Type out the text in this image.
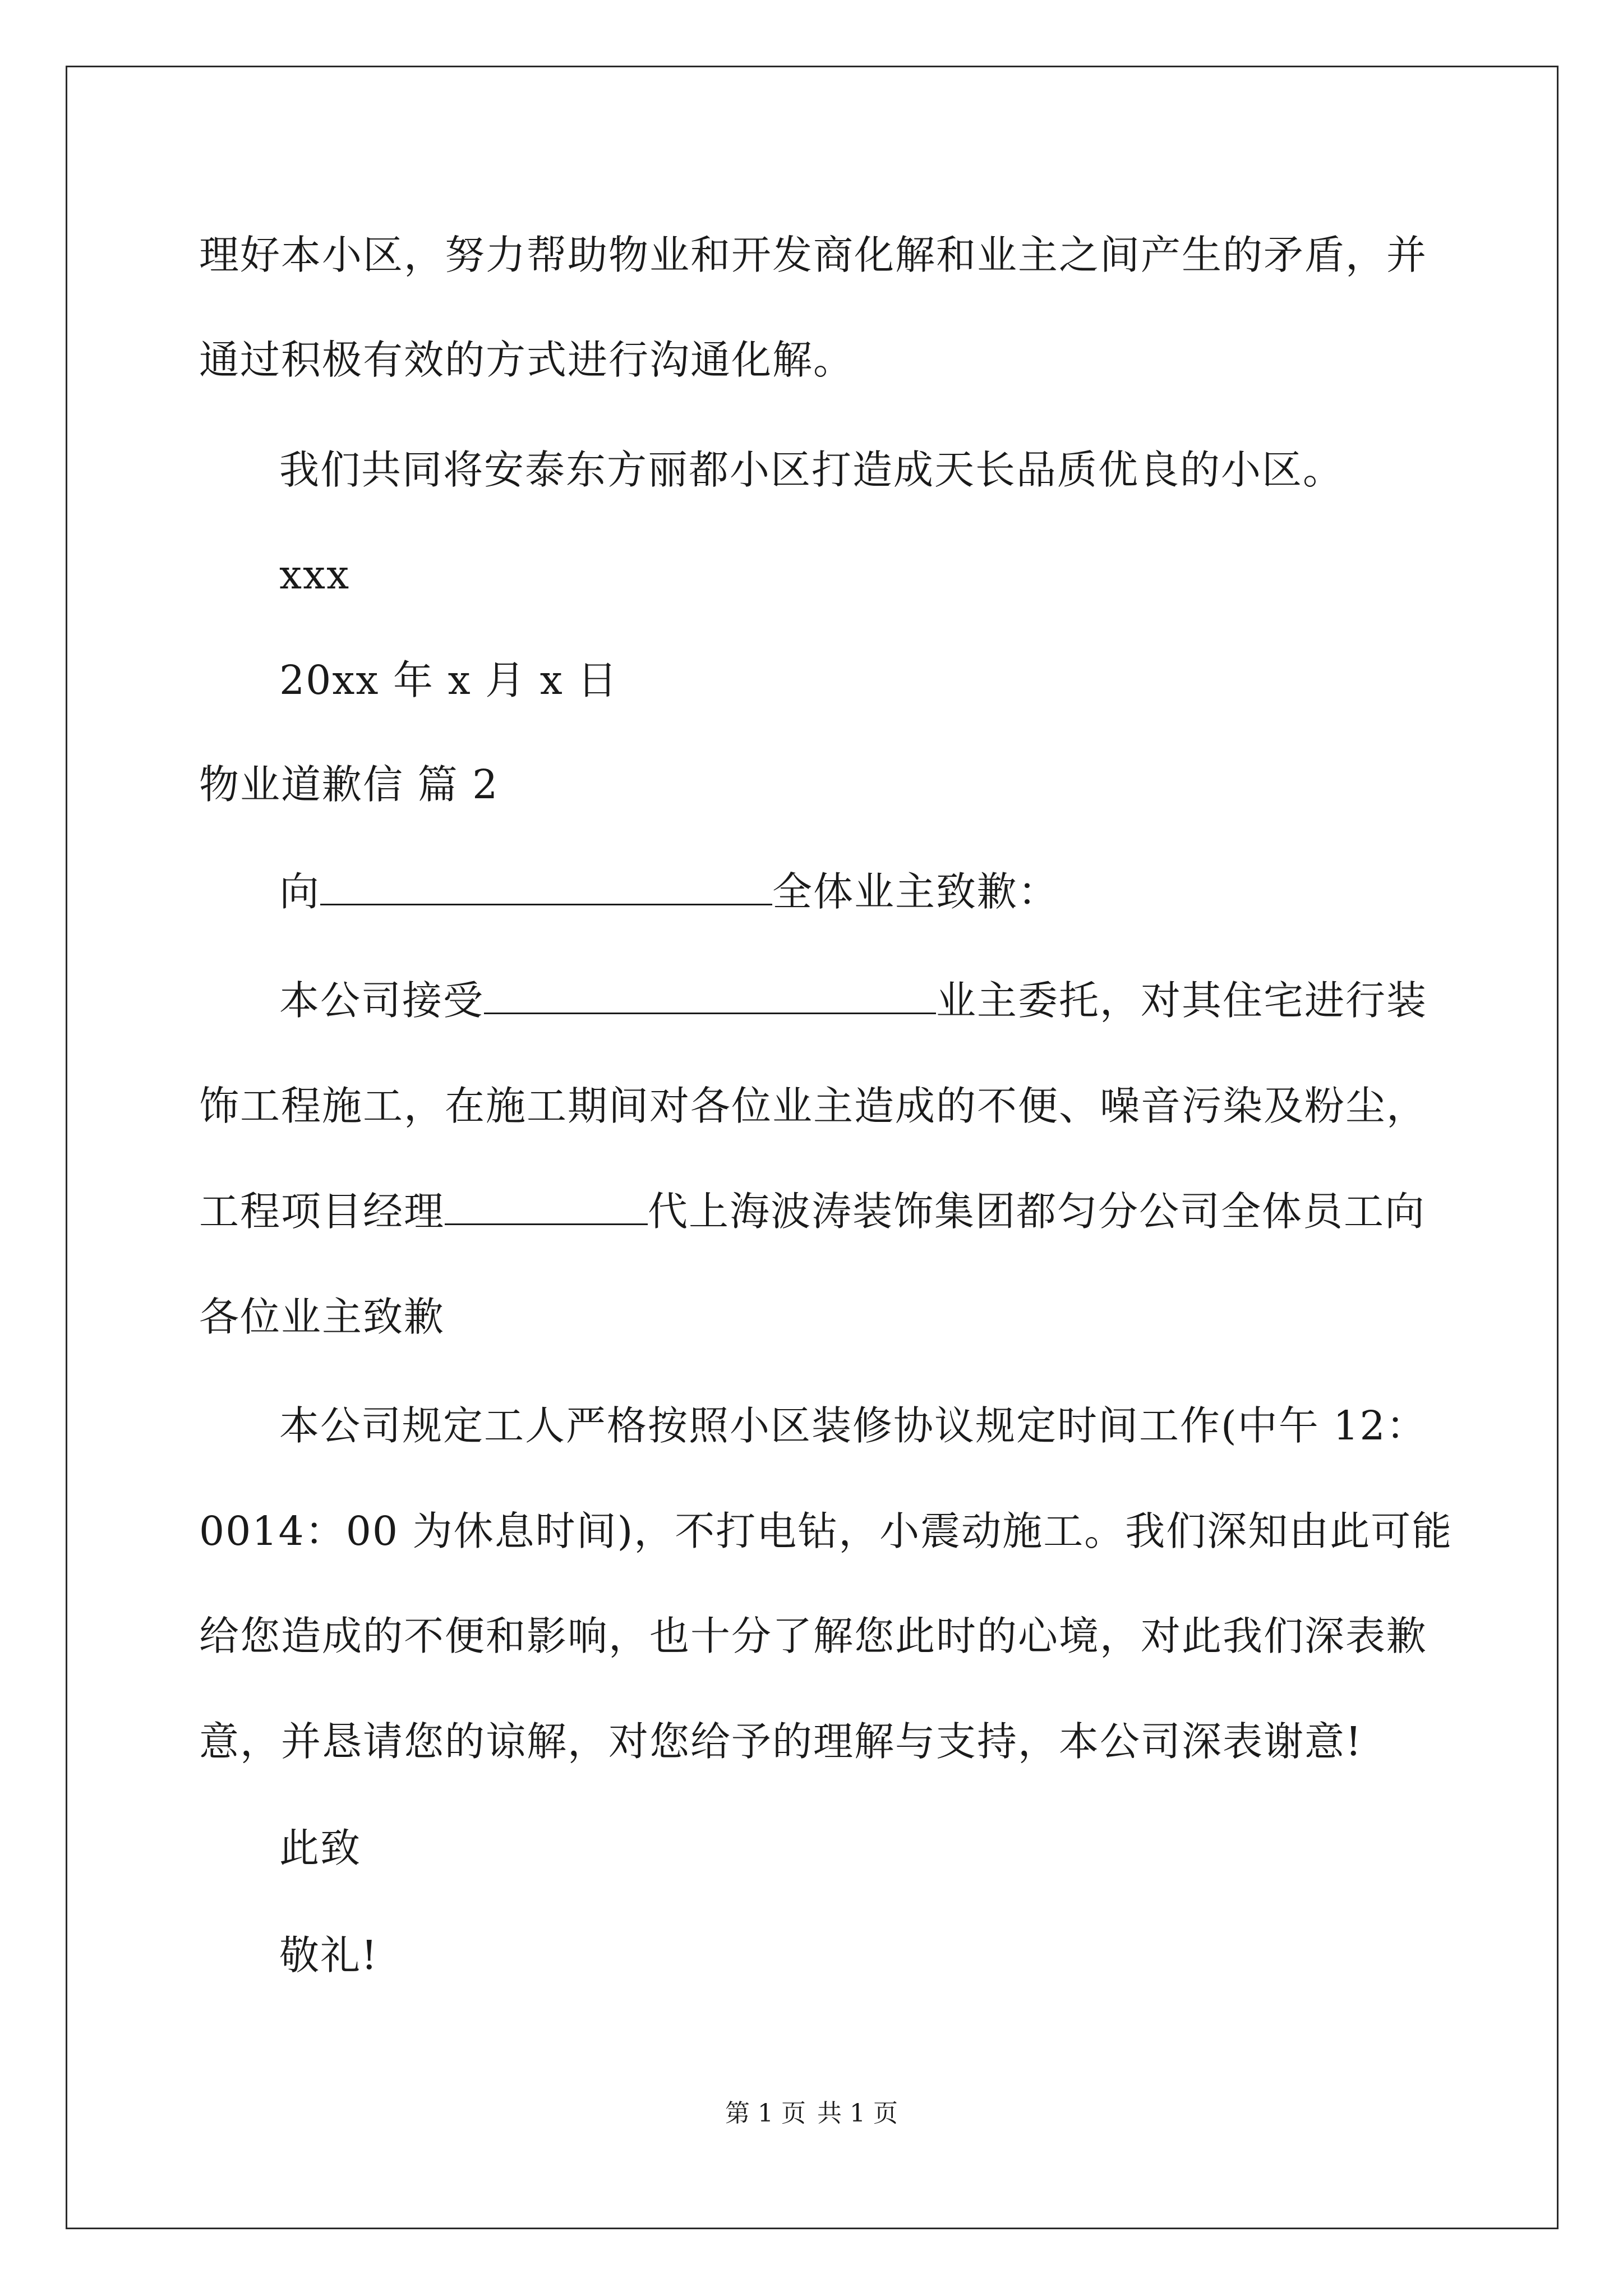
理好本小区，努力帮助物业和开发商化解和业主之间产生的矛盾，并
通过积极有效的方式进行沟通化解。
我们共同将安泰东方丽都小区打造成天长品质优良的小区。
xxx
20xx 年 x 月 x 日
物业道歉信 篇 2
向	全体业主致歉：
本公司接受	业主委托，对其住宅进行装
饰工程施工，在施工期间对各位业主造成的不便、噪音污染及粉尘，
工程项目经理	代上海波涛装饰集团都匀分公司全体员工向
各位业主致歉
本公司规定工人严格按照小区装修协议规定时间工作(中午 12：
0014：00 为休息时间)，不打电钻，小震动施工。我们深知由此可能
给您造成的不便和影响，也十分了解您此时的心境，对此我们深表歉
意，并恳请您的谅解，对您给予的理解与支持，本公司深表谢意!
此致
敬礼!
第 1 页 共 1 页
